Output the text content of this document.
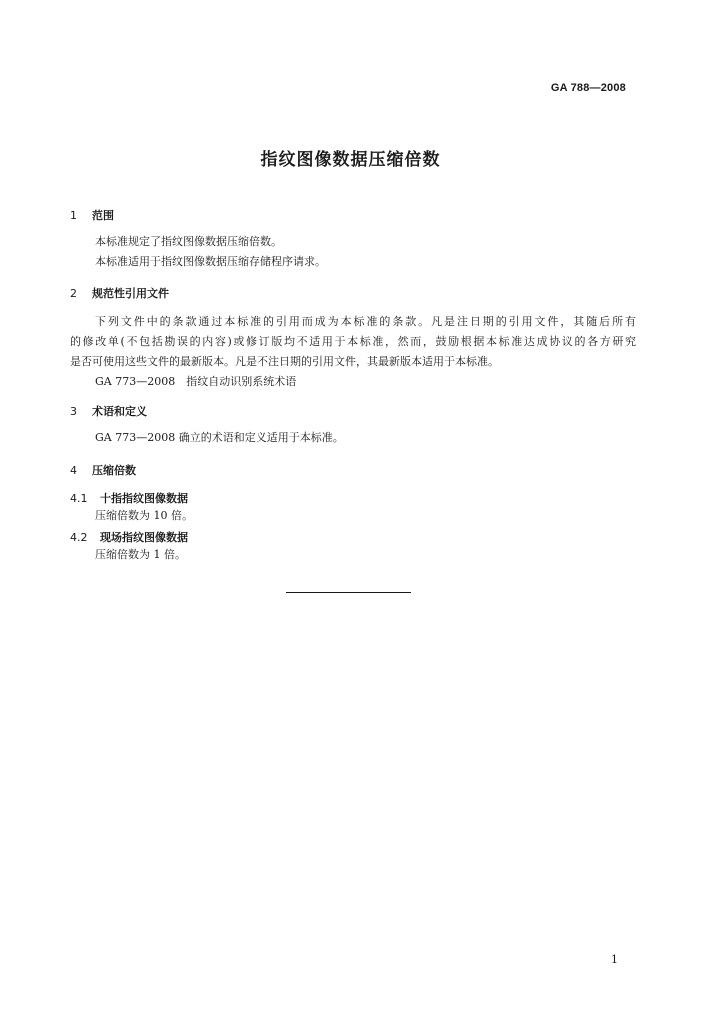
GA 788—2008
指纹图像数据压缩倍数
1 范围
本标准规定了指纹图像数据压缩倍数。
本标准适用于指纹图像数据压缩存储程序请求。
2 规范性引用文件
下列文件中的条款通过本标准的引用而成为本标准的条款。凡是注日期的引用文件，其随后所有
的修改单(不包括勘误的内容)或修订版均不适用于本标准，然而，鼓励根据本标准达成协议的各方研究
是否可使用这些文件的最新版本。凡是不注日期的引用文件，其最新版本适用于本标准。
GA 773—2008　指纹自动识别系统术语
3 术语和定义
GA 773—2008 确立的术语和定义适用于本标准。
4 压缩倍数
4.1 十指指纹图像数据
压缩倍数为 10 倍。
4.2 现场指纹图像数据
压缩倍数为 1 倍。
1
